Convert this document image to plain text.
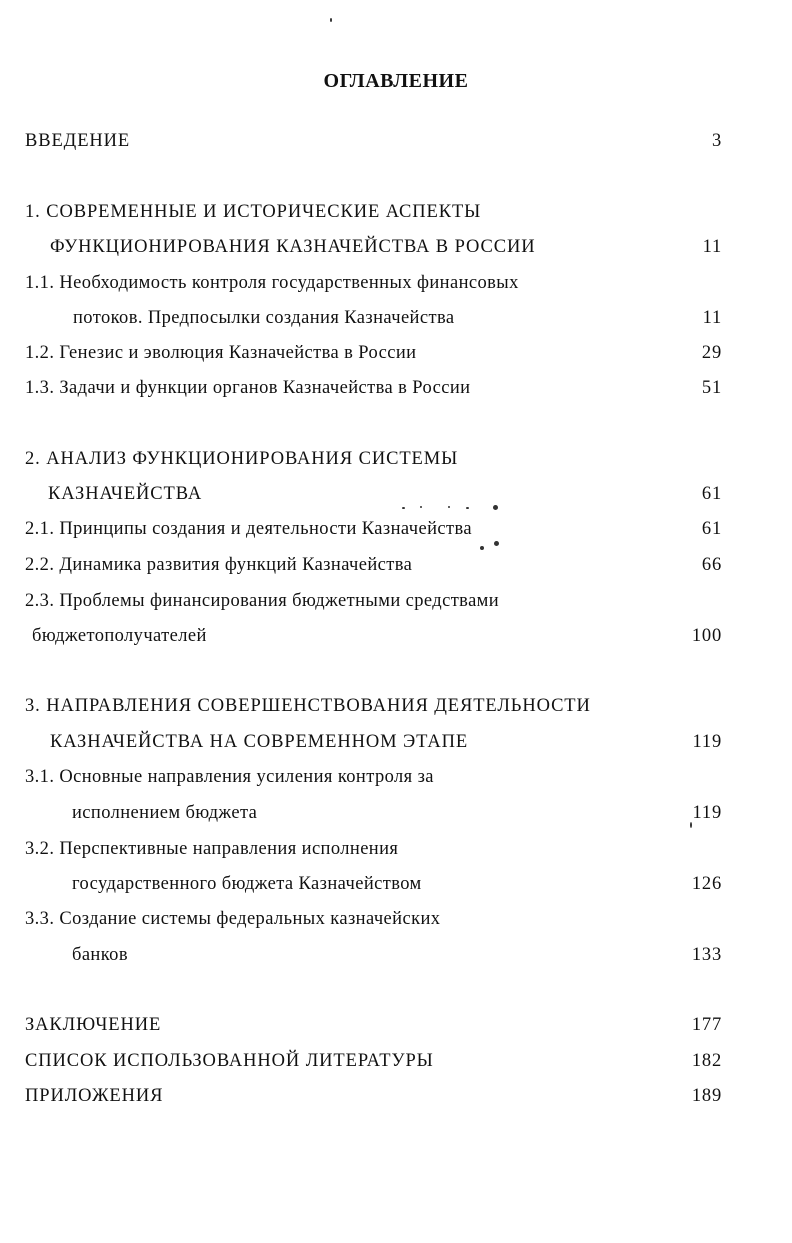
ОГЛАВЛЕНИЕ
ВВЕДЕНИЕ	3
1. СОВРЕМЕННЫЕ И ИСТОРИЧЕСКИЕ АСПЕКТЫ
ФУНКЦИОНИРОВАНИЯ КАЗНАЧЕЙСТВА В РОССИИ	11
1.1. Необходимость контроля государственных финансовых
потоков. Предпосылки создания Казначейства	11
1.2. Генезис и эволюция Казначейства в России	29
1.3. Задачи и функции органов Казначейства в России	51
2. АНАЛИЗ ФУНКЦИОНИРОВАНИЯ СИСТЕМЫ
КАЗНАЧЕЙСТВА	61
2.1. Принципы создания и деятельности Казначейства	61
2.2. Динамика развития функций Казначейства	66
2.3. Проблемы финансирования бюджетными средствами
бюджетополучателей	100
3. НАПРАВЛЕНИЯ СОВЕРШЕНСТВОВАНИЯ ДЕЯТЕЛЬНОСТИ
КАЗНАЧЕЙСТВА НА СОВРЕМЕННОМ ЭТАПЕ	119
3.1. Основные направления усиления контроля за
исполнением бюджета	119
3.2. Перспективные направления исполнения
государственного бюджета Казначейством	126
3.3. Создание системы федеральных казначейских
банков	133
ЗАКЛЮЧЕНИЕ	177
СПИСОК ИСПОЛЬЗОВАННОЙ ЛИТЕРАТУРЫ	182
ПРИЛОЖЕНИЯ	189
